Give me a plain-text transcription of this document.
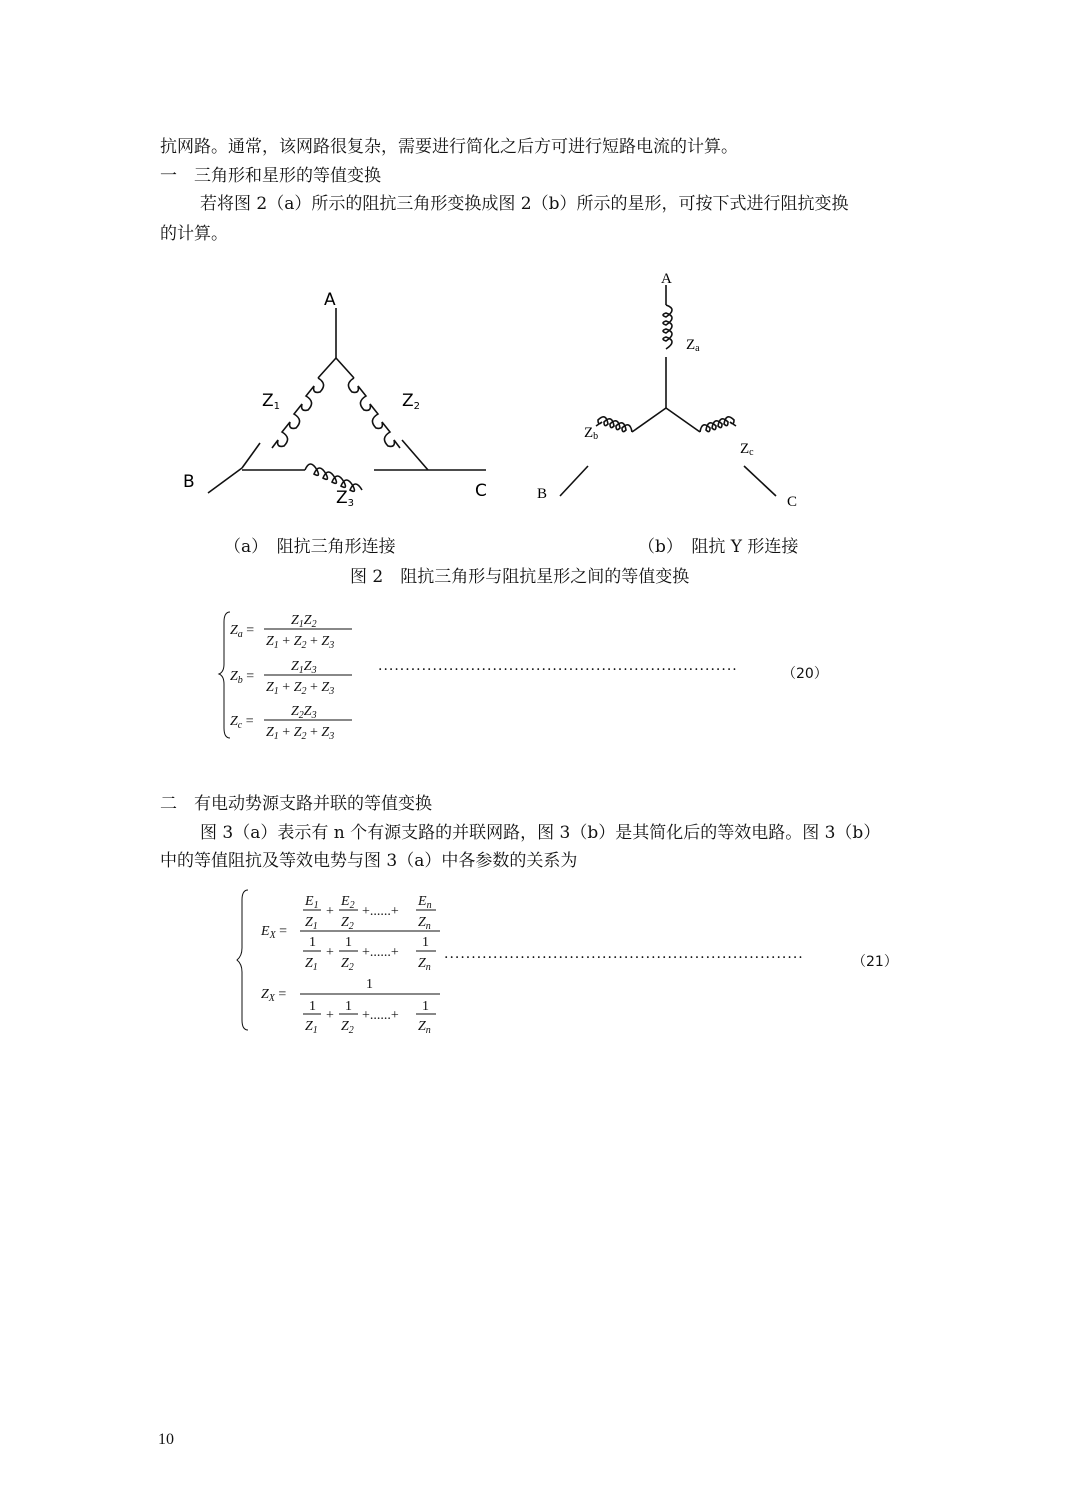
抗网路。通常，该网路很复杂，需要进行简化之后方可进行短路电流的计算。
一　三角形和星形的等值变换
若将图 2（a）所示的阻抗三角形变换成图 2（b）所示的星形，可按下式进行阻抗变换
的计算。
A
B	C
Z1	Z2
Z3
A
B	C
Za
Zb
Zc
（a）　阻抗三角形连接	（b）　阻抗 Y 形连接
图 2　阻抗三角形与阻抗星形之间的等值变换
$Z_a$ =
$Z_1Z_2$
$Z_1 + Z_2 + Z_3$
$Z_b$ =
$Z_1Z_3$
$Z_1 + Z_2 + Z_3$
$Z_c$ =
$Z_2Z_3$
$Z_1 + Z_2 + Z_3$
··································································	（20）
二　有电动势源支路并联的等值变换
图 3（a）表示有 n 个有源支路的并联网路，图 3（b）是其简化后的等效电路。图 3（b）
中的等值阻抗及等效电势与图 3（a）中各参数的关系为
$E_X$ =
$E_1$
$Z_1$
+
$E_2$
$Z_2$
+......+
$E_n$
$Z_n$
1
$Z_1$
+
1
$Z_2$
+......+
1
$Z_n$
$Z_X$ =
1
1
$Z_1$
+
1
$Z_2$
+......+
1
$Z_n$
··································································	（21）
10
